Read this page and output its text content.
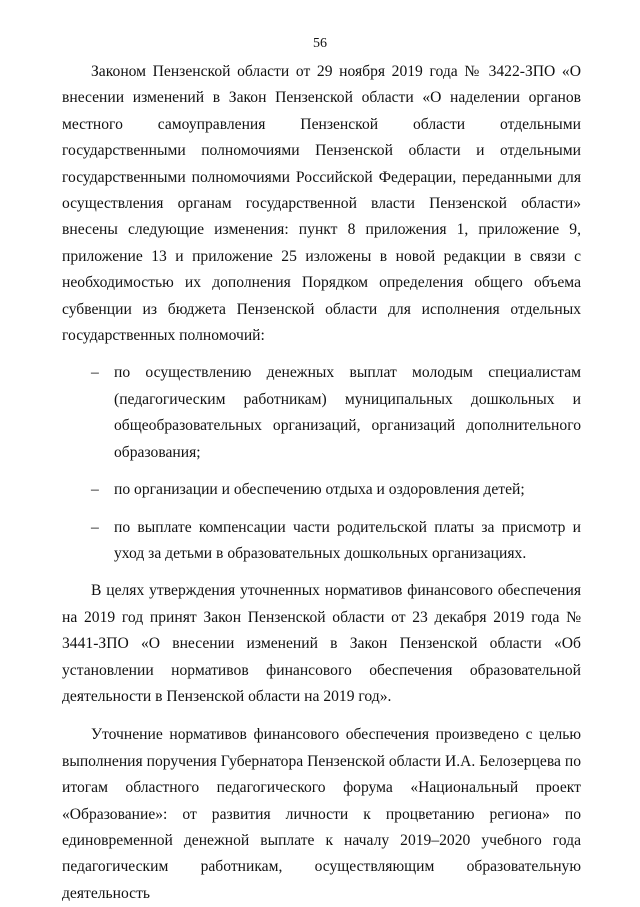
56

Законом Пензенской области от 29 ноября 2019 года № 3422-ЗПО «О внесении изменений в Закон Пензенской области «О наделении органов местного самоуправления Пензенской области отдельными государственными полномочиями Пензенской области и отдельными государственными полномочиями Российской Федерации, переданными для осуществления органам государственной власти Пензенской области» внесены следующие изменения: пункт 8 приложения 1, приложение 9, приложение 13 и приложение 25 изложены в новой редакции в связи с необходимостью их дополнения Порядком определения общего объема субвенции из бюджета Пензенской области для исполнения отдельных государственных полномочий:

– по осуществлению денежных выплат молодым специалистам (педагогическим работникам) муниципальных дошкольных и общеобразовательных организаций, организаций дополнительного образования;
– по организации и обеспечению отдыха и оздоровления детей;
– по выплате компенсации части родительской платы за присмотр и уход за детьми в образовательных дошкольных организациях.

В целях утверждения уточненных нормативов финансового обеспечения на 2019 год принят Закон Пензенской области от 23 декабря 2019 года № 3441-ЗПО «О внесении изменений в Закон Пензенской области «Об установлении нормативов финансового обеспечения образовательной деятельности в Пензенской области на 2019 год».

Уточнение нормативов финансового обеспечения произведено с целью выполнения поручения Губернатора Пензенской области И.А. Белозерцева по итогам областного педагогического форума «Национальный проект «Образование»: от развития личности к процветанию региона» по единовременной денежной выплате к началу 2019–2020 учебного года педагогическим работникам, осуществляющим образовательную деятельность
